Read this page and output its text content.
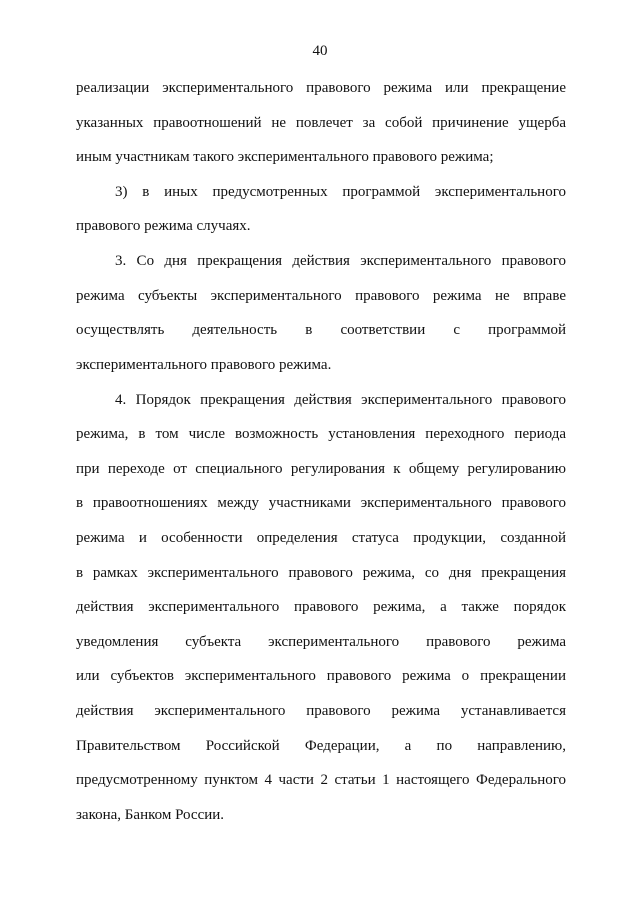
40
реализации экспериментального правового режима или прекращение
указанных правоотношений не повлечет за собой причинение ущерба
иным участникам такого экспериментального правового режима;
3) в иных предусмотренных программой экспериментального
правового режима случаях.
3. Со дня прекращения действия экспериментального правового
режима субъекты экспериментального правового режима не вправе
осуществлять деятельность в соответствии с программой
экспериментального правового режима.
4. Порядок прекращения действия экспериментального правового
режима, в том числе возможность установления переходного периода
при переходе от специального регулирования к общему регулированию
в правоотношениях между участниками экспериментального правового
режима и особенности определения статуса продукции, созданной
в рамках экспериментального правового режима, со дня прекращения
действия экспериментального правового режима, а также порядок
уведомления субъекта экспериментального правового режима
или субъектов экспериментального правового режима о прекращении
действия экспериментального правового режима устанавливается
Правительством Российской Федерации, а по направлению,
предусмотренному пунктом 4 части 2 статьи 1 настоящего Федерального
закона, Банком России.
